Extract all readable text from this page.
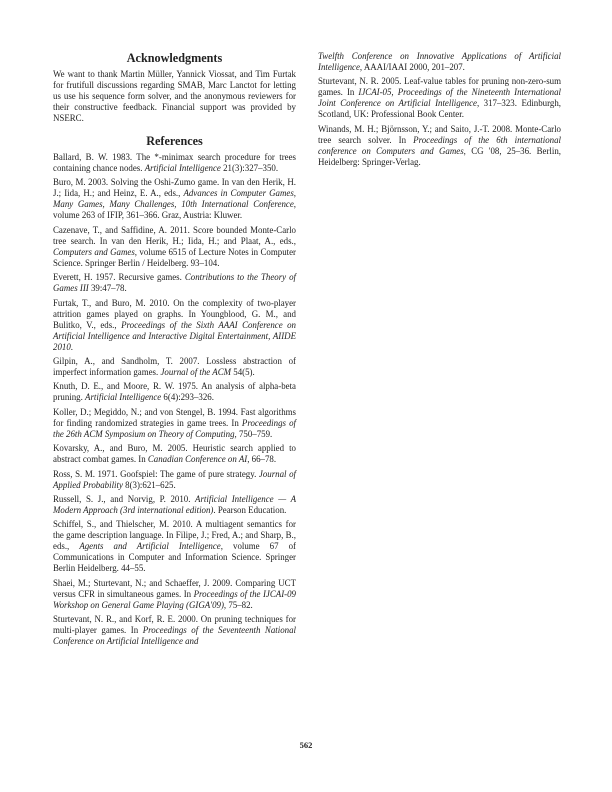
Acknowledgments

We want to thank Martin Müller, Yannick Viossat, and Tim Furtak for frutifull discussions regarding SMAB, Marc Lanctot for letting us use his sequence form solver, and the anonymous reviewers for their constructive feedback. Financial support was provided by NSERC.

References

Ballard, B. W. 1983. The *-minimax search procedure for trees containing chance nodes. Artificial Intelligence 21(3):327–350.

Buro, M. 2003. Solving the Oshi-Zumo game. In van den Herik, H. J.; Iida, H.; and Heinz, E. A., eds., Advances in Computer Games, Many Games, Many Challenges, 10th International Conference, volume 263 of IFIP, 361–366. Graz, Austria: Kluwer.

Cazenave, T., and Saffidine, A. 2011. Score bounded Monte-Carlo tree search. In van den Herik, H.; Iida, H.; and Plaat, A., eds., Computers and Games, volume 6515 of Lecture Notes in Computer Science. Springer Berlin / Heidelberg. 93–104.

Everett, H. 1957. Recursive games. Contributions to the Theory of Games III 39:47–78.

Furtak, T., and Buro, M. 2010. On the complexity of two-player attrition games played on graphs. In Youngblood, G. M., and Bulitko, V., eds., Proceedings of the Sixth AAAI Conference on Artificial Intelligence and Interactive Digital Entertainment, AIIDE 2010.

Gilpin, A., and Sandholm, T. 2007. Lossless abstraction of imperfect information games. Journal of the ACM 54(5).

Knuth, D. E., and Moore, R. W. 1975. An analysis of alpha-beta pruning. Artificial Intelligence 6(4):293–326.

Koller, D.; Megiddo, N.; and von Stengel, B. 1994. Fast algorithms for finding randomized strategies in game trees. In Proceedings of the 26th ACM Symposium on Theory of Computing, 750–759.

Kovarsky, A., and Buro, M. 2005. Heuristic search applied to abstract combat games. In Canadian Conference on AI, 66–78.

Ross, S. M. 1971. Goofspiel: The game of pure strategy. Journal of Applied Probability 8(3):621–625.

Russell, S. J., and Norvig, P. 2010. Artificial Intelligence — A Modern Approach (3rd international edition). Pearson Education.

Schiffel, S., and Thielscher, M. 2010. A multiagent semantics for the game description language. In Filipe, J.; Fred, A.; and Sharp, B., eds., Agents and Artificial Intelligence, volume 67 of Communications in Computer and Information Science. Springer Berlin Heidelberg. 44–55.

Shaei, M.; Sturtevant, N.; and Schaeffer, J. 2009. Comparing UCT versus CFR in simultaneous games. In Proceedings of the IJCAI-09 Workshop on General Game Playing (GIGA'09), 75–82.

Sturtevant, N. R., and Korf, R. E. 2000. On pruning techniques for multi-player games. In Proceedings of the Seventeenth National Conference on Artificial Intelligence and

Twelfth Conference on Innovative Applications of Artificial Intelligence, AAAI/IAAI 2000, 201–207.

Sturtevant, N. R. 2005. Leaf-value tables for pruning non-zero-sum games. In IJCAI-05, Proceedings of the Nineteenth International Joint Conference on Artificial Intelligence, 317–323. Edinburgh, Scotland, UK: Professional Book Center.

Winands, M. H.; Björnsson, Y.; and Saito, J.-T. 2008. Monte-Carlo tree search solver. In Proceedings of the 6th international conference on Computers and Games, CG '08, 25–36. Berlin, Heidelberg: Springer-Verlag.

562
